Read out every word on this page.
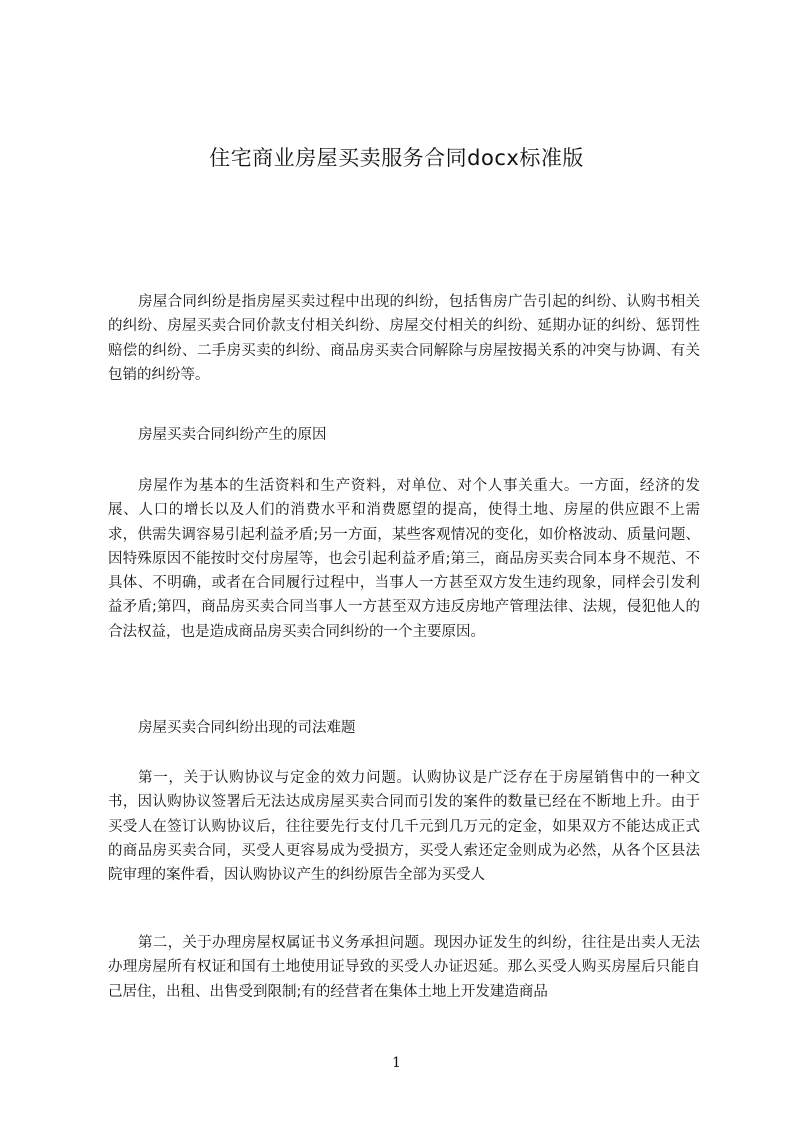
住宅商业房屋买卖服务合同docx标准版
房屋合同纠纷是指房屋买卖过程中出现的纠纷，包括售房广告引起的纠纷、认购书相关的纠纷、房屋买卖合同价款支付相关纠纷、房屋交付相关的纠纷、延期办证的纠纷、惩罚性赔偿的纠纷、二手房买卖的纠纷、商品房买卖合同解除与房屋按揭关系的冲突与协调、有关包销的纠纷等。
房屋买卖合同纠纷产生的原因
房屋作为基本的生活资料和生产资料，对单位、对个人事关重大。一方面，经济的发展、人口的增长以及人们的消费水平和消费愿望的提高，使得土地、房屋的供应跟不上需求，供需失调容易引起利益矛盾;另一方面，某些客观情况的变化，如价格波动、质量问题、因特殊原因不能按时交付房屋等，也会引起利益矛盾;第三，商品房买卖合同本身不规范、不具体、不明确，或者在合同履行过程中，当事人一方甚至双方发生违约现象，同样会引发利益矛盾;第四，商品房买卖合同当事人一方甚至双方违反房地产管理法律、法规，侵犯他人的合法权益，也是造成商品房买卖合同纠纷的一个主要原因。
房屋买卖合同纠纷出现的司法难题
第一，关于认购协议与定金的效力问题。认购协议是广泛存在于房屋销售中的一种文书，因认购协议签署后无法达成房屋买卖合同而引发的案件的数量已经在不断地上升。由于买受人在签订认购协议后，往往要先行支付几千元到几万元的定金，如果双方不能达成正式的商品房买卖合同，买受人更容易成为受损方，买受人索还定金则成为必然，从各个区县法院审理的案件看，因认购协议产生的纠纷原告全部为买受人
第二，关于办理房屋权属证书义务承担问题。现因办证发生的纠纷，往往是出卖人无法办理房屋所有权证和国有土地使用证导致的买受人办证迟延。那么买受人购买房屋后只能自己居住，出租、出售受到限制;有的经营者在集体土地上开发建造商品
1
